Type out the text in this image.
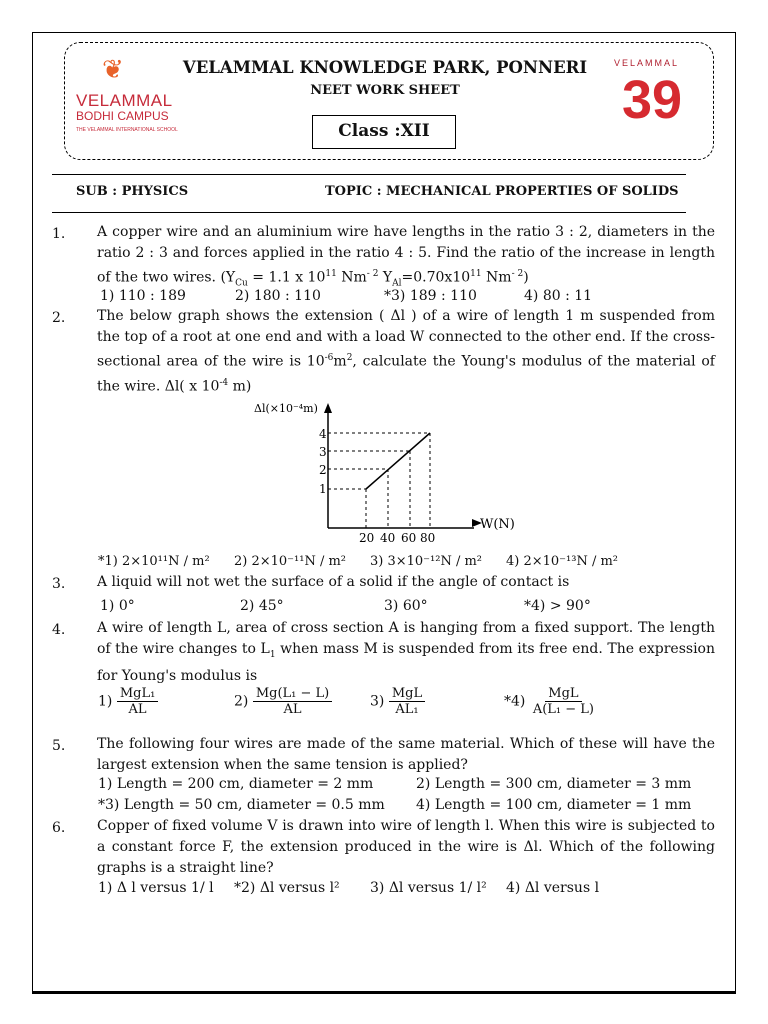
❦
VELAMMAL
BODHI CAMPUS
THE VELAMMAL INTERNATIONAL SCHOOL
VELAMMAL KNOWLEDGE PARK, PONNERI
NEET WORK SHEET
Class :XII
VELAMMAL
39
SUB : PHYSICS	TOPIC : MECHANICAL PROPERTIES OF SOLIDS
1. A copper wire and an aluminium wire have lengths in the ratio 3 : 2, diameters in the ratio 2 : 3 and forces applied in the ratio 4 : 5. Find the ratio of the increase in length of the two wires. ($Y_{Cu} = 1.1$ x $10^{11}$ $Nm^{- 2}$ $Y_{Al}=0.70x10^{11}$ $Nm^{- 2}$)
1) 110 : 189	2) 180 : 110	*3) 189 : 110	4) 80 : 11
2. The below graph shows the extension ( Δl ) of a wire of length 1 m suspended from the top of a root at one end and with a load W connected to the other end. If the cross-sectional area of the wire is $10^{-6}m^2$, calculate the Young's modulus of the material of the wire. Δl( x $10^{-4}$ m)
Δl(×10⁻⁴m)
W(N)
4
3
2
1
20 40 60 80
*1) 2×10¹¹N / m² 2) 2×10⁻¹¹N / m² 3) 3×10⁻¹²N / m² 4) 2×10⁻¹³N / m²
3. A liquid will not wet the surface of a solid if the angle of contact is
1) 0°	2) 45°	3) 60°	*4) > 90°
4. A wire of length L, area of cross section A is hanging from a fixed support. The length of the wire changes to $L_1$ when mass M is suspended from its free end. The expression for Young's modulus is
$1) \frac{\text{MgL₁}}{AL}$	$2) \frac{\text{Mg(L₁ − L)}}{AL}$	$3) \frac{\text{MgL}}{\text{AL₁}}$	$*4) \frac{\text{MgL}}{\text{A(L₁ − L)}}$
5. The following four wires are made of the same material. Which of these will have the largest extension when the same tension is applied?
1) Length = 200 cm, diameter = 2 mm	2) Length = 300 cm, diameter = 3 mm
*3) Length = 50 cm, diameter = 0.5 mm 4) Length = 100 cm, diameter = 1 mm
6. Copper of fixed volume V is drawn into wire of length l. When this wire is subjected to a constant force F, the extension produced in the wire is Δl. Which of the following graphs is a straight line?
1) Δ l versus 1/ l *2) Δl versus l² 3) Δl versus 1/ l² 4) Δl versus l
